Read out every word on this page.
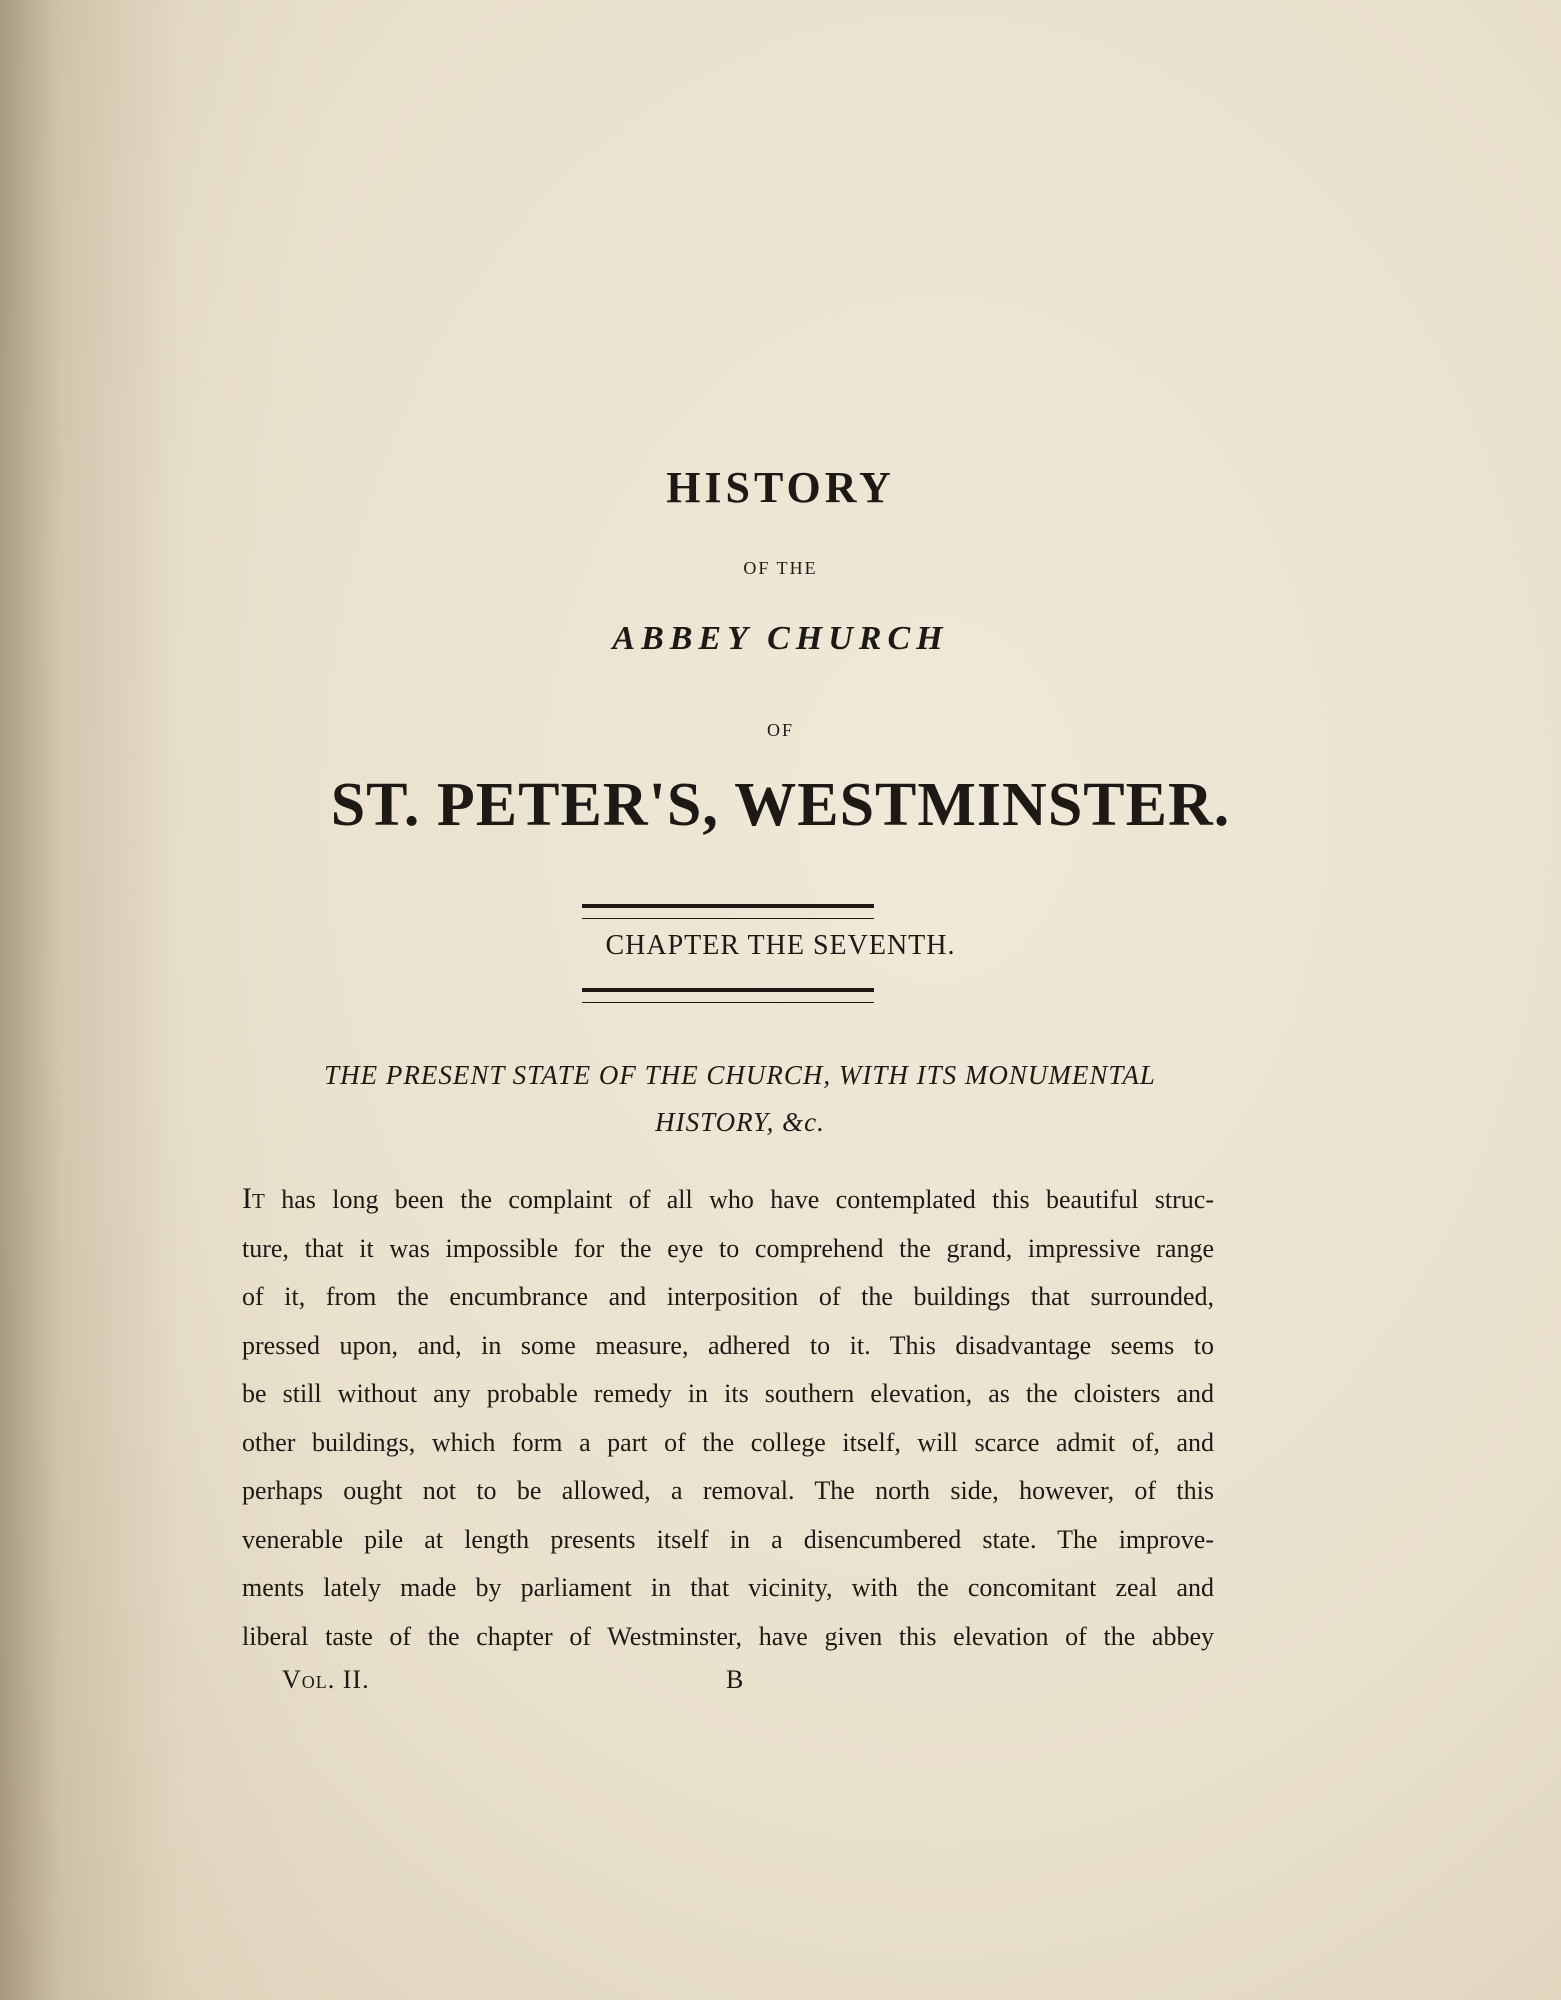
HISTORY
OF THE
ABBEY CHURCH
OF
ST. PETER'S, WESTMINSTER.
CHAPTER THE SEVENTH.
THE PRESENT STATE OF THE CHURCH, WITH ITS MONUMENTAL
HISTORY, &c.
It has long been the complaint of all who have contemplated this beautiful struc-
ture, that it was impossible for the eye to comprehend the grand, impressive range
of it, from the encumbrance and interposition of the buildings that surrounded,
pressed upon, and, in some measure, adhered to it. This disadvantage seems to
be still without any probable remedy in its southern elevation, as the cloisters and
other buildings, which form a part of the college itself, will scarce admit of, and
perhaps ought not to be allowed, a removal. The north side, however, of this
venerable pile at length presents itself in a disencumbered state. The improve-
ments lately made by parliament in that vicinity, with the concomitant zeal and
liberal taste of the chapter of Westminster, have given this elevation of the abbey
Vol. II.	B
